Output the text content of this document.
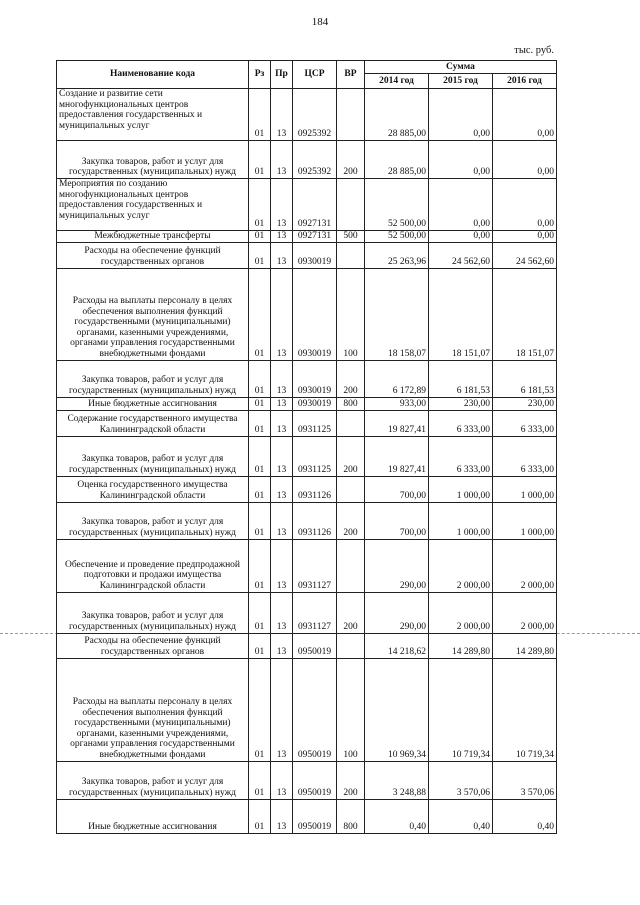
184
тыс. руб.
Наименование кода	Рз	Пр	ЦСР	ВР	Сумма		
					2014 год	2015 год	2016 год
Создание и развитие сети многофункциональных центров предоставления государственных и муниципальных услуг	01	13	0925392		28 885,00	0,00	0,00
Закупка товаров, работ и услуг для государственных (муниципальных) нужд	01	13	0925392	200	28 885,00	0,00	0,00
Мероприятия по созданию многофункциональных центров предоставления государственных и муниципальных услуг	01	13	0927131		52 500,00	0,00	0,00
Межбюджетные трансферты	01	13	0927131	500	52 500,00	0,00	0,00
Расходы на обеспечение функций государственных органов	01	13	0930019		25 263,96	24 562,60	24 562,60
Расходы на выплаты персоналу в целях обеспечения выполнения функций государственными (муниципальными) органами, казенными учреждениями, органами управления государственными внебюджетными фондами	01	13	0930019	100	18 158,07	18 151,07	18 151,07
Закупка товаров, работ и услуг для государственных (муниципальных) нужд	01	13	0930019	200	6 172,89	6 181,53	6 181,53
Иные бюджетные ассигнования	01	13	0930019	800	933,00	230,00	230,00
Содержание государственного имущества Калининградской области	01	13	0931125		19 827,41	6 333,00	6 333,00
Закупка товаров, работ и услуг для государственных (муниципальных) нужд	01	13	0931125	200	19 827,41	6 333,00	6 333,00
Оценка государственного имущества Калининградской области	01	13	0931126		700,00	1 000,00	1 000,00
Закупка товаров, работ и услуг для государственных (муниципальных) нужд	01	13	0931126	200	700,00	1 000,00	1 000,00
Обеспечение и проведение предпродажной подготовки и продажи имущества Калининградской области	01	13	0931127		290,00	2 000,00	2 000,00
Закупка товаров, работ и услуг для государственных (муниципальных) нужд	01	13	0931127	200	290,00	2 000,00	2 000,00
Расходы на обеспечение функций государственных органов	01	13	0950019		14 218,62	14 289,80	14 289,80
Расходы на выплаты персоналу в целях обеспечения выполнения функций государственными (муниципальными) органами, казенными учреждениями, органами управления государственными внебюджетными фондами	01	13	0950019	100	10 969,34	10 719,34	10 719,34
Закупка товаров, работ и услуг для государственных (муниципальных) нужд	01	13	0950019	200	3 248,88	3 570,06	3 570,06
Иные бюджетные ассигнования	01	13	0950019	800	0,40	0,40	0,40
